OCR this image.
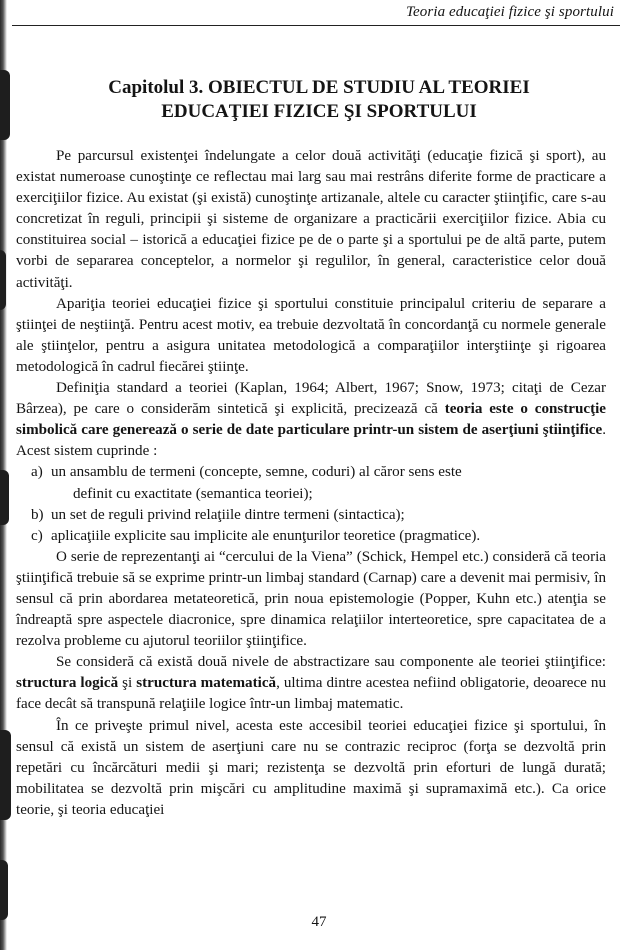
Teoria educaţiei fizice şi sportului
Capitolul 3. OBIECTUL DE STUDIU AL TEORIEI
EDUCAŢIEI FIZICE ŞI SPORTULUI

Pe parcursul existenţei îndelungate a celor două activităţi (educaţie fizică şi sport), au existat numeroase cunoştinţe ce reflectau mai larg sau mai restrâns diferite forme de practicare a exerciţiilor fizice. Au existat (şi există) cunoştinţe artizanale, altele cu caracter ştiinţific, care s-au concretizat în reguli, principii şi sisteme de organizare a practicării exerciţiilor fizice. Abia cu constituirea social – istorică a educaţiei fizice pe de o parte şi a sportului pe de altă parte, putem vorbi de separarea conceptelor, a normelor şi regulilor, în general, caracteristice celor două activităţi.

Apariţia teoriei educaţiei fizice şi sportului constituie principalul criteriu de separare a ştiinţei de neştiinţă. Pentru acest motiv, ea trebuie dezvoltată în concordanţă cu normele generale ale ştiinţelor, pentru a asigura unitatea metodologică a comparaţiilor interştiinţe şi rigoarea metodologică în cadrul fiecărei ştiinţe.

Definiţia standard a teoriei (Kaplan, 1964; Albert, 1967; Snow, 1973; citaţi de Cezar Bârzea), pe care o considerăm sintetică şi explicită, precizează că teoria este o construcţie simbolică care generează o serie de date particulare printr-un sistem de aserţiuni ştiinţifice. Acest sistem cuprinde :

a) un ansamblu de termeni (concepte, semne, coduri) al căror sens este
definit cu exactitate (semantica teoriei);
b) un set de reguli privind relaţiile dintre termeni (sintactica);
c) aplicaţiile explicite sau implicite ale enunţurilor teoretice (pragmatice).

O serie de reprezentanţi ai “cercului de la Viena” (Schick, Hempel etc.) consideră că teoria ştiinţifică trebuie să se exprime printr-un limbaj standard (Carnap) care a devenit mai permisiv, în sensul că prin abordarea metateoretică, prin noua epistemologie (Popper, Kuhn etc.) atenţia se îndreaptă spre aspectele diacronice, spre dinamica relaţiilor interteoretice, spre capacitatea de a rezolva probleme cu ajutorul teoriilor ştiinţifice.

Se consideră că există două nivele de abstractizare sau componente ale teoriei ştiinţifice: structura logică şi structura matematică, ultima dintre acestea nefiind obligatorie, deoarece nu face decât să transpună relaţiile logice într-un limbaj matematic.

În ce priveşte primul nivel, acesta este accesibil teoriei educaţiei fizice şi sportului, în sensul că există un sistem de aserţiuni care nu se contrazic reciproc (forţa se dezvoltă prin repetări cu încărcături medii şi mari; rezistenţa se dezvoltă prin eforturi de lungă durată; mobilitatea se dezvoltă prin mişcări cu amplitudine maximă şi supramaximă etc.). Ca orice teorie, şi teoria educaţiei

47
